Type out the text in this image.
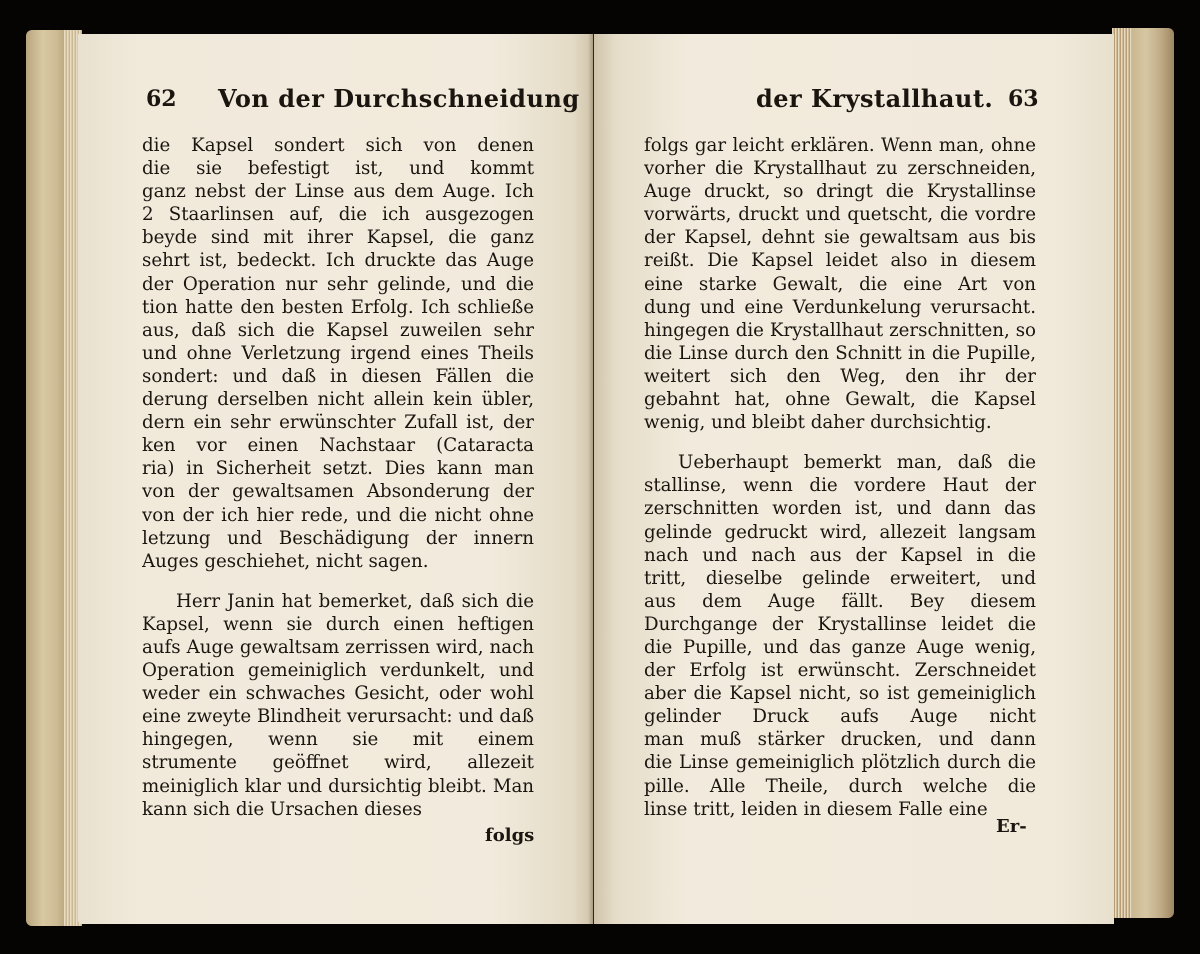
62 Von der Durchschneidung
die Kapsel sondert sich von denen
die sie befestigt ist, und kommt
ganz nebst der Linse aus dem Auge. Ich
2 Staarlinsen auf, die ich ausgezogen
beyde sind mit ihrer Kapsel, die ganz
sehrt ist, bedeckt. Ich druckte das Auge
der Operation nur sehr gelinde, und die
tion hatte den besten Erfolg. Ich schließe
aus, daß sich die Kapsel zuweilen sehr
und ohne Verletzung irgend eines Theils
sondert: und daß in diesen Fällen die
derung derselben nicht allein kein übler,
dern ein sehr erwünschter Zufall ist, der
ken vor einen Nachstaar (Cataracta
ria) in Sicherheit setzt. Dies kann man
von der gewaltsamen Absonderung der
von der ich hier rede, und die nicht ohne
letzung und Beschädigung der innern
Auges geschiehet, nicht sagen.
Herr Janin hat bemerket, daß sich die
Kapsel, wenn sie durch einen heftigen
aufs Auge gewaltsam zerrissen wird, nach
Operation gemeiniglich verdunkelt, und
weder ein schwaches Gesicht, oder wohl
eine zweyte Blindheit verursacht: und daß
hingegen, wenn sie mit einem
strumente geöffnet wird, allezeit
meiniglich klar und dursichtig bleibt. Man
kann sich die Ursachen dieses
folgs
der Krystallhaut. 63
folgs gar leicht erklären. Wenn man, ohne
vorher die Krystallhaut zu zerschneiden,
Auge druckt, so dringt die Krystallinse
vorwärts, druckt und quetscht, die vordre
der Kapsel, dehnt sie gewaltsam aus bis
reißt. Die Kapsel leidet also in diesem
eine starke Gewalt, die eine Art von
dung und eine Verdunkelung verursacht.
hingegen die Krystallhaut zerschnitten, so
die Linse durch den Schnitt in die Pupille,
weitert sich den Weg, den ihr der
gebahnt hat, ohne Gewalt, die Kapsel
wenig, und bleibt daher durchsichtig.
Ueberhaupt bemerkt man, daß die
stallinse, wenn die vordere Haut der
zerschnitten worden ist, und dann das
gelinde gedruckt wird, allezeit langsam
nach und nach aus der Kapsel in die
tritt, dieselbe gelinde erweitert, und
aus dem Auge fällt. Bey diesem
Durchgange der Krystallinse leidet die
die Pupille, und das ganze Auge wenig,
der Erfolg ist erwünscht. Zerschneidet
aber die Kapsel nicht, so ist gemeiniglich
gelinder Druck aufs Auge nicht
man muß stärker drucken, und dann
die Linse gemeiniglich plötzlich durch die
pille. Alle Theile, durch welche die
linse tritt, leiden in diesem Falle eine
Er-
